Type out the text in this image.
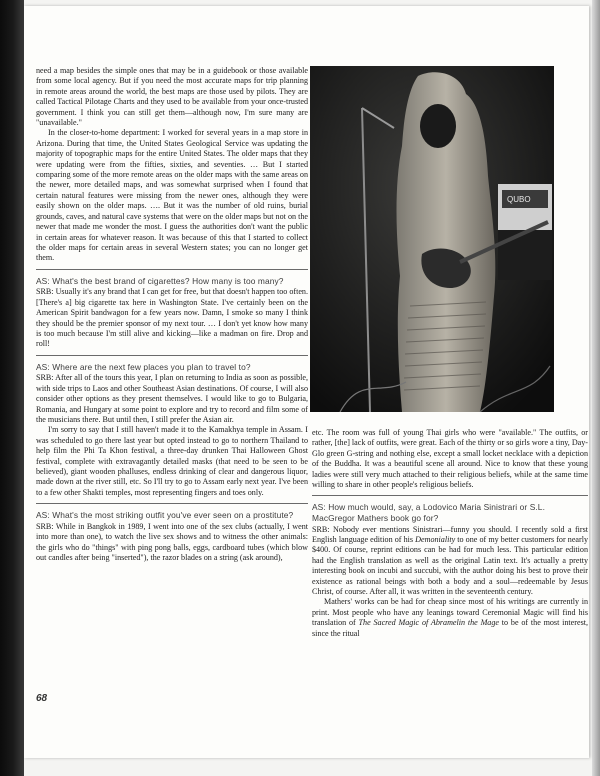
need a map besides the simple ones that may be in a guidebook or those available from some local agency. But if you need the most accurate maps for trip planning in remote areas around the world, the best maps are those used by pilots. They are called Tactical Pilotage Charts and they used to be available from your once-trusted government. I think you can still get them—although now, I'm sure many are "unavailable."

In the closer-to-home department: I worked for several years in a map store in Arizona. During that time, the United States Geological Service was updating the majority of topographic maps for the entire United States. The older maps that they were updating were from the fifties, sixties, and seventies. … But I started comparing some of the more remote areas on the older maps with the same areas on the newer, more detailed maps, and was somewhat surprised when I found that certain natural features were missing from the newer ones, although they were easily shown on the older maps. …. But it was the number of old ruins, burial grounds, caves, and natural cave systems that were on the older maps but not on the newer that made me wonder the most. I guess the authorities don't want the public in certain areas for whatever reason. It was because of this that I started to collect the older maps for certain areas in several Western states; you can no longer get them.

AS: What's the best brand of cigarettes? How many is too many?

SRB: Usually it's any brand that I can get for free, but that doesn't happen too often. [There's a] big cigarette tax here in Washington State. I've certainly been on the American Spirit bandwagon for a few years now. Damn, I smoke so many I think they should be the premier sponsor of my next tour. … I don't yet know how many is too much because I'm still alive and kicking—like a madman on fire. Drop and roll!

AS: Where are the next few places you plan to travel to?

SRB: After all of the tours this year, I plan on returning to India as soon as possible, with side trips to Laos and other Southeast Asian destinations. Of course, I will also consider other options as they present themselves. I would like to go to Bulgaria, Romania, and Hungary at some point to explore and try to record and film some of the musicians there. But until then, I still prefer the Asian air.

I'm sorry to say that I still haven't made it to the Kamakhya temple in Assam. I was scheduled to go there last year but opted instead to go to northern Thailand to help film the Phi Ta Khon festival, a three-day drunken Thai Halloween Ghost festival, complete with extravagantly detailed masks (that need to be seen to be believed), giant wooden phalluses, endless drinking of clear and dangerous liquor, made down at the river still, etc. So I'll try to go to Assam early next year. I've been to a few other Shakti temples, most representing fingers and toes only.

AS: What's the most striking outfit you've ever seen on a prostitute?

SRB: While in Bangkok in 1989, I went into one of the sex clubs (actually, I went into more than one), to watch the live sex shows and to witness the other animals: the girls who do "things" with ping pong balls, eggs, cardboard tubes (which blow out candles after being "inserted"), the razor blades on a string (ask around),

QUBO

etc. The room was full of young Thai girls who were "available." The outfits, or rather, [the] lack of outfits, were great. Each of the thirty or so girls wore a tiny, Day-Glo green G-string and nothing else, except a small locket necklace with a depiction of the Buddha. It was a beautiful scene all around. Nice to know that these young ladies were still very much attached to their religious beliefs, while at the same time willing to share in other people's religious beliefs.

AS: How much would, say, a Lodovico Maria Sinistrari or S.L. MacGregor Mathers book go for?

SRB: Nobody ever mentions Sinistrari—funny you should. I recently sold a first English language edition of his Demoniality to one of my better customers for nearly $400. Of course, reprint editions can be had for much less. This particular edition had the English translation as well as the original Latin text. It's actually a pretty interesting book on incubi and succubi, with the author doing his best to prove their existence as rational beings with both a body and a soul—redeemable by Jesus Christ, of course. After all, it was written in the seventeenth century.

Mathers' works can be had for cheap since most of his writings are currently in print. Most people who have any leanings toward Ceremonial Magic will find his translation of The Sacred Magic of Abramelin the Mage to be of the most interest, since the ritual

68
